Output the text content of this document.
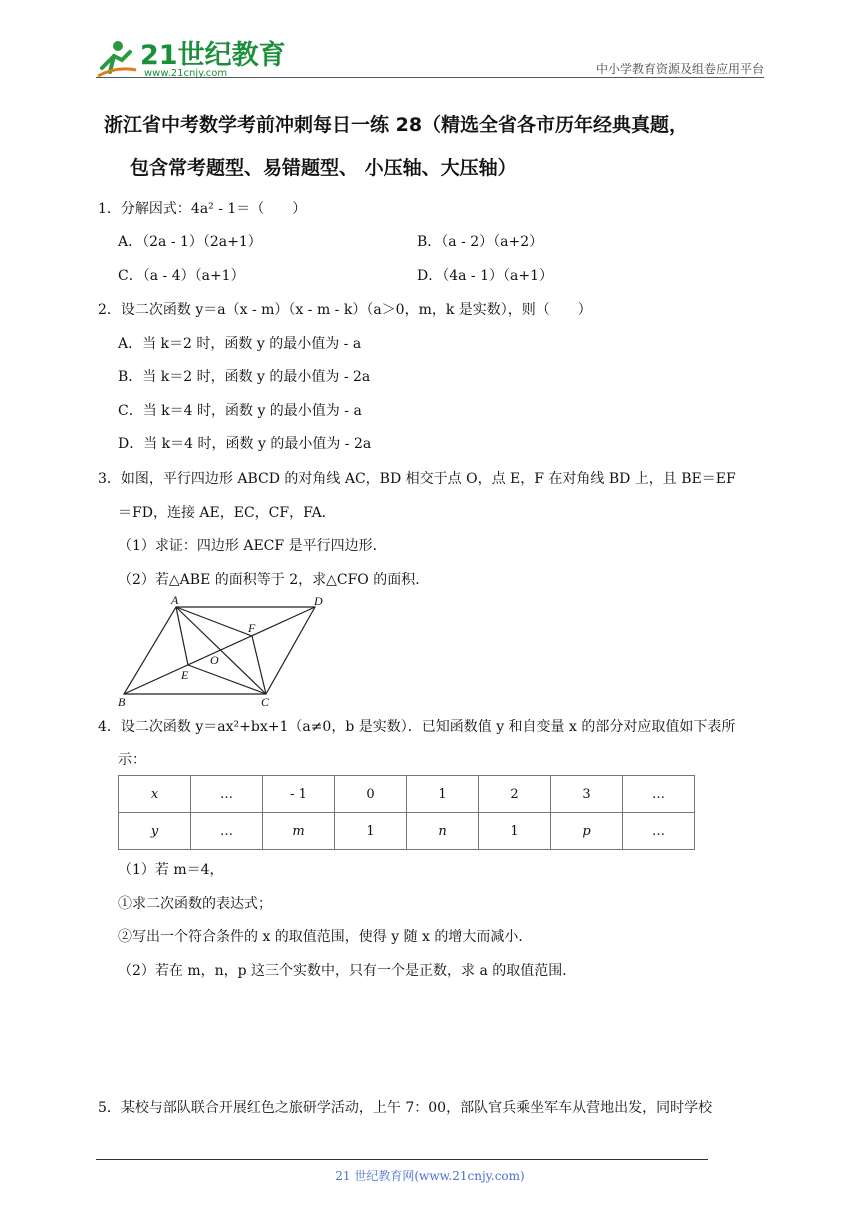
21世纪教育
www.21cnjy.com	中小学教育资源及组卷应用平台
浙江省中考数学考前冲刺每日一练 28（精选全省各市历年经典真题，
包含常考题型、易错题型、 小压轴、大压轴）
1．分解因式：4a² ‑ 1＝（　　）
A．（2a ‑ 1）（2a+1）	B．（a ‑ 2）（a+2）
C．（a ‑ 4）（a+1）	D．（4a ‑ 1）（a+1）
2．设二次函数 y＝a（x ‑ m）（x ‑ m ‑ k）（a＞0，m，k 是实数），则（　　）
A．当 k＝2 时，函数 y 的最小值为 ‑ a
B．当 k＝2 时，函数 y 的最小值为 ‑ 2a
C．当 k＝4 时，函数 y 的最小值为 ‑ a
D．当 k＝4 时，函数 y 的最小值为 ‑ 2a
3．如图，平行四边形 ABCD 的对角线 AC，BD 相交于点 O，点 E，F 在对角线 BD 上，且 BE＝EF
＝FD，连接 AE，EC，CF，FA．
（1）求证：四边形 AECF 是平行四边形．
（2）若△ABE 的面积等于 2，求△CFO 的面积．
A	D
B	C
E
F
O
4．设二次函数 y＝ax²+bx+1（a≠0，b 是实数）．已知函数值 y 和自变量 x 的部分对应取值如下表所
示：
x	…	‑ 1	0	1	2	3	…
y	…	m	1	n	1	p	…
（1）若 m＝4，
①求二次函数的表达式；
②写出一个符合条件的 x 的取值范围，使得 y 随 x 的增大而减小．
（2）若在 m，n，p 这三个实数中，只有一个是正数，求 a 的取值范围．
5．某校与部队联合开展红色之旅研学活动，上午 7：00，部队官兵乘坐军车从营地出发，同时学校
21 世纪教育网(www.21cnjy.com)
